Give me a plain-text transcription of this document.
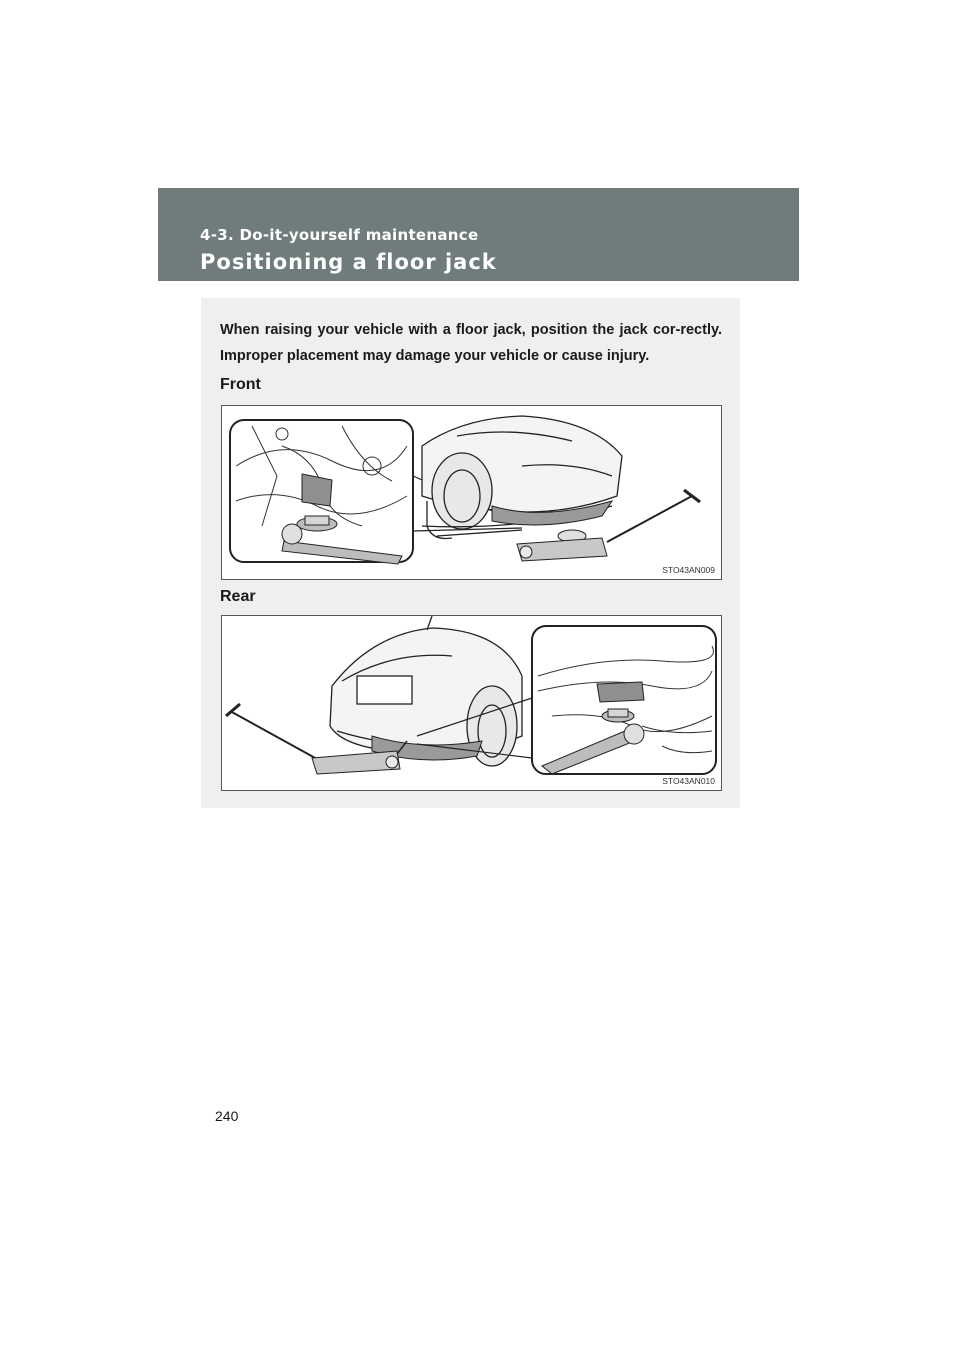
4-3. Do-it-yourself maintenance
Positioning a floor jack
When raising your vehicle with a floor jack, position the jack cor-rectly. Improper placement may damage your vehicle or cause injury.
Front
STO43AN009
Rear
STO43AN010
240
